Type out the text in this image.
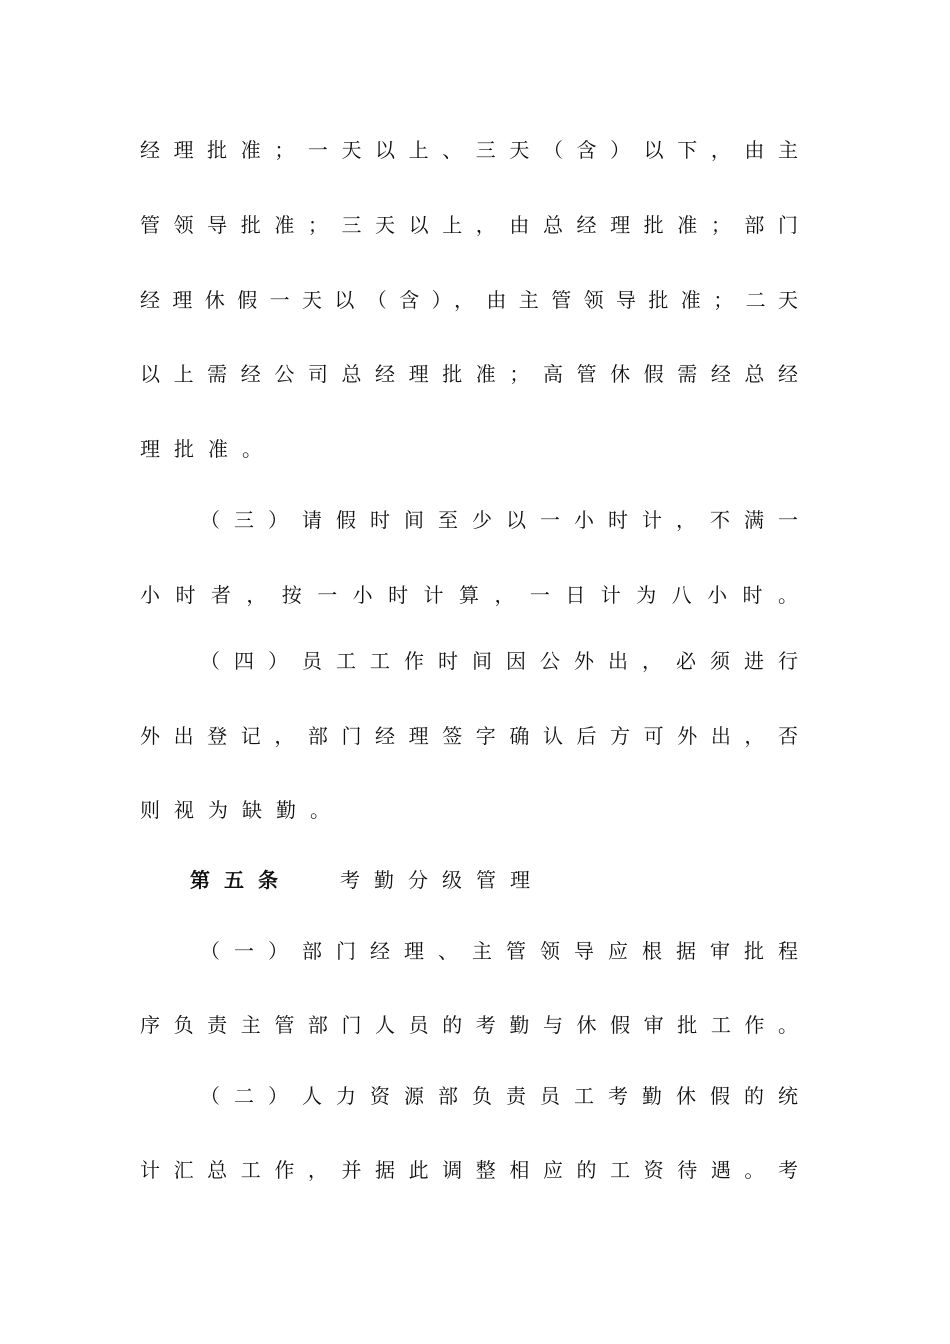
经理批准；一天以上、三天（含）以下，由主
管领导批准；三天以上，由总经理批准；部门
经理休假一天以（含），由主管领导批准；二天
以上需经公司总经理批准；高管休假需经总经
理批准。
（三）请假时间至少以一小时计，不满一
小时者，按一小时计算，一日计为八小时。
（四）员工工作时间因公外出，必须进行
外出登记，部门经理签字确认后方可外出，否
则视为缺勤。
第五条 考勤分级管理
（一）部门经理、主管领导应根据审批程
序负责主管部门人员的考勤与休假审批工作。
（二）人力资源部负责员工考勤休假的统
计汇总工作，并据此调整相应的工资待遇。考
